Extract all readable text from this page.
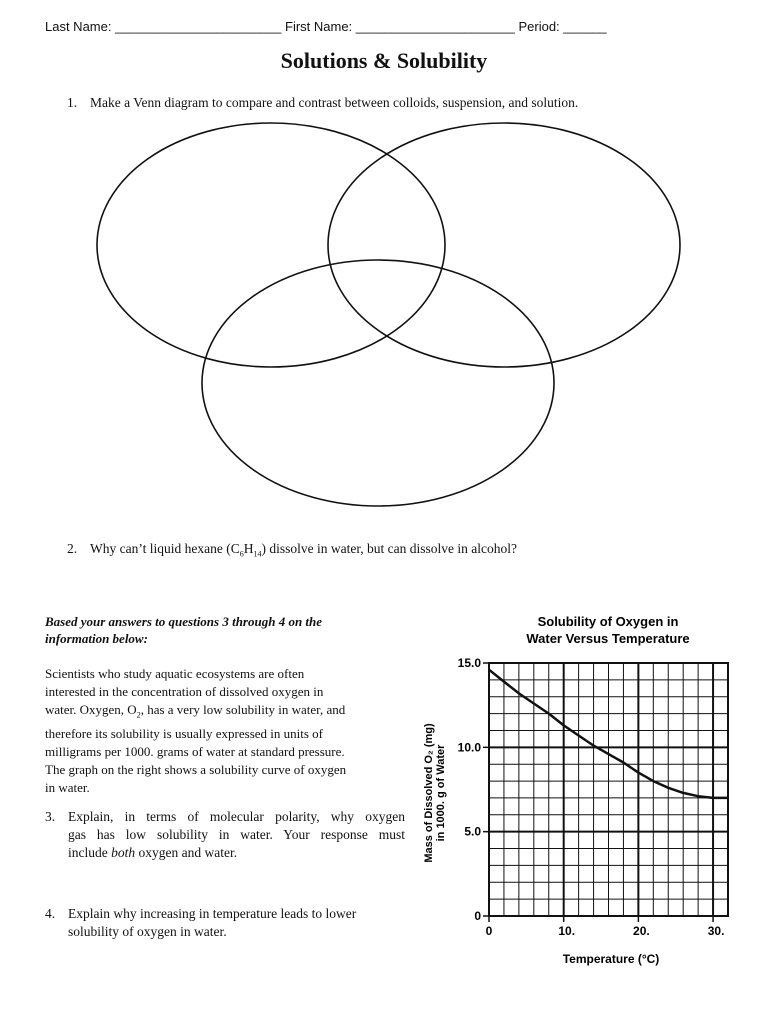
Last Name: _______________________ First Name: ______________________ Period: ______
Solutions & Solubility
1. Make a Venn diagram to compare and contrast between colloids, suspension, and solution.
2. Why can’t liquid hexane $(C_6H_{14})$ dissolve in water, but can dissolve in alcohol?
Based your answers to questions 3 through 4 on the
information below:
Scientists who study aquatic ecosystems are often
interested in the concentration of dissolved oxygen in
water. Oxygen, $O_2$, has a very low solubility in water, and
therefore its solubility is usually expressed in units of
milligrams per 1000. grams of water at standard pressure.
The graph on the right shows a solubility curve of oxygen
in water.
3. Explain, in terms of molecular polarity, why oxygen
gas has low solubility in water. Your response must
include both oxygen and water.
4. Explain why increasing in temperature leads to lower
solubility of oxygen in water.
Solubility of Oxygen in
Water Versus Temperature
0	10.	20.	30.
0
5.0
10.0
15.0
Temperature (°C)
Mass of Dissolved O₂ (mg) in 1000. g of Water
